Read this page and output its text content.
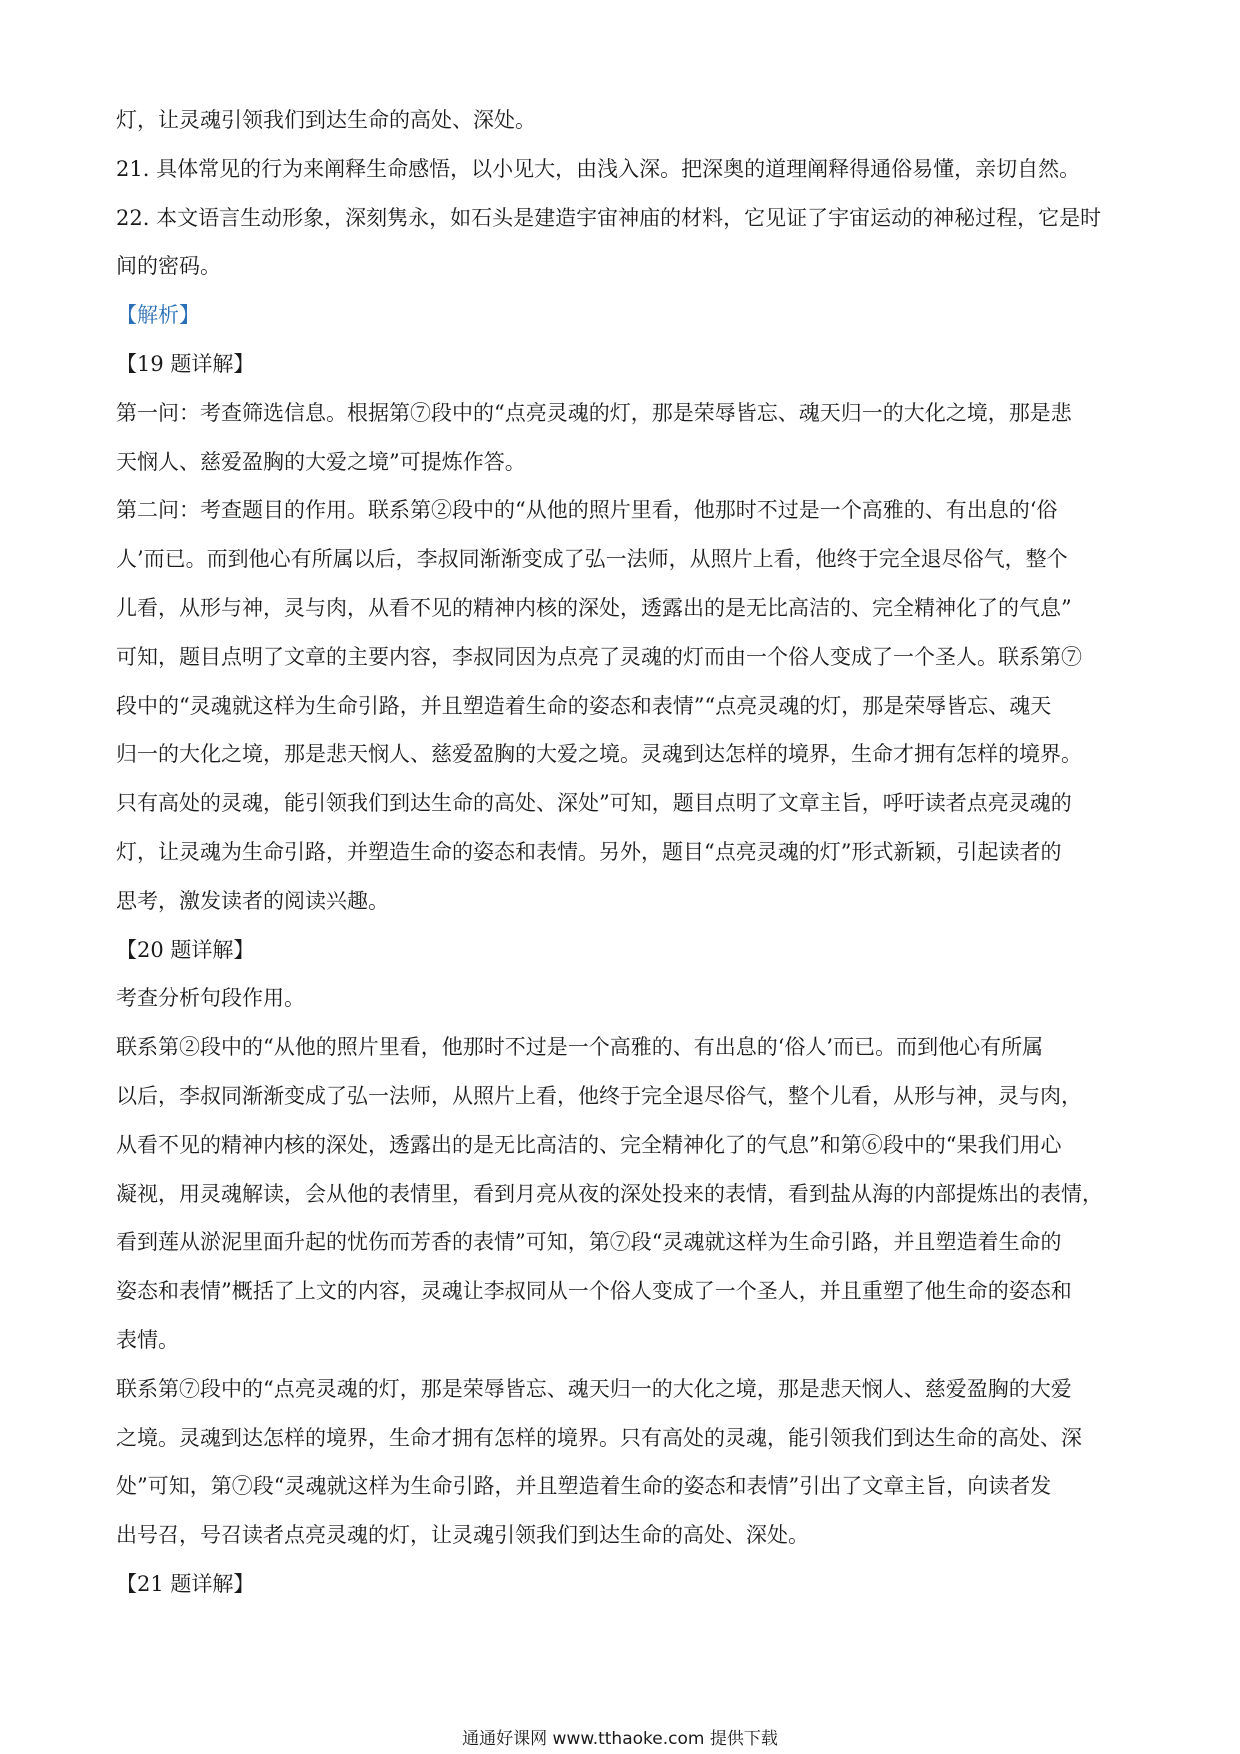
灯，让灵魂引领我们到达生命的高处、深处。

21. 具体常见的行为来阐释生命感悟，以小见大，由浅入深。把深奥的道理阐释得通俗易懂，亲切自然。

22. 本文语言生动形象，深刻隽永，如石头是建造宇宙神庙的材料，它见证了宇宙运动的神秘过程，它是时

间的密码。

【解析】

【19 题详解】

第一问：考查筛选信息。根据第⑦段中的“点亮灵魂的灯，那是荣辱皆忘、魂天归一的大化之境，那是悲

天悯人、慈爱盈胸的大爱之境”可提炼作答。

第二问：考查题目的作用。联系第②段中的“从他的照片里看，他那时不过是一个高雅的、有出息的‘俗

人’而已。而到他心有所属以后，李叔同渐渐变成了弘一法师，从照片上看，他终于完全退尽俗气，整个

儿看，从形与神，灵与肉，从看不见的精神内核的深处，透露出的是无比高洁的、完全精神化了的气息”

可知，题目点明了文章的主要内容，李叔同因为点亮了灵魂的灯而由一个俗人变成了一个圣人。联系第⑦

段中的“灵魂就这样为生命引路，并且塑造着生命的姿态和表情”“点亮灵魂的灯，那是荣辱皆忘、魂天

归一的大化之境，那是悲天悯人、慈爱盈胸的大爱之境。灵魂到达怎样的境界，生命才拥有怎样的境界。

只有高处的灵魂，能引领我们到达生命的高处、深处”可知，题目点明了文章主旨，呼吁读者点亮灵魂的

灯，让灵魂为生命引路，并塑造生命的姿态和表情。另外，题目“点亮灵魂的灯”形式新颖，引起读者的

思考，激发读者的阅读兴趣。

【20 题详解】

考查分析句段作用。

联系第②段中的“从他的照片里看，他那时不过是一个高雅的、有出息的‘俗人’而已。而到他心有所属

以后，李叔同渐渐变成了弘一法师，从照片上看，他终于完全退尽俗气，整个儿看，从形与神，灵与肉，

从看不见的精神内核的深处，透露出的是无比高洁的、完全精神化了的气息”和第⑥段中的“果我们用心

凝视，用灵魂解读，会从他的表情里，看到月亮从夜的深处投来的表情，看到盐从海的内部提炼出的表情，

看到莲从淤泥里面升起的忧伤而芳香的表情”可知，第⑦段“灵魂就这样为生命引路，并且塑造着生命的

姿态和表情”概括了上文的内容，灵魂让李叔同从一个俗人变成了一个圣人，并且重塑了他生命的姿态和

表情。

联系第⑦段中的“点亮灵魂的灯，那是荣辱皆忘、魂天归一的大化之境，那是悲天悯人、慈爱盈胸的大爱

之境。灵魂到达怎样的境界，生命才拥有怎样的境界。只有高处的灵魂，能引领我们到达生命的高处、深

处”可知，第⑦段“灵魂就这样为生命引路，并且塑造着生命的姿态和表情”引出了文章主旨，向读者发

出号召，号召读者点亮灵魂的灯，让灵魂引领我们到达生命的高处、深处。

【21 题详解】

通通好课网 www.tthaoke.com 提供下载
